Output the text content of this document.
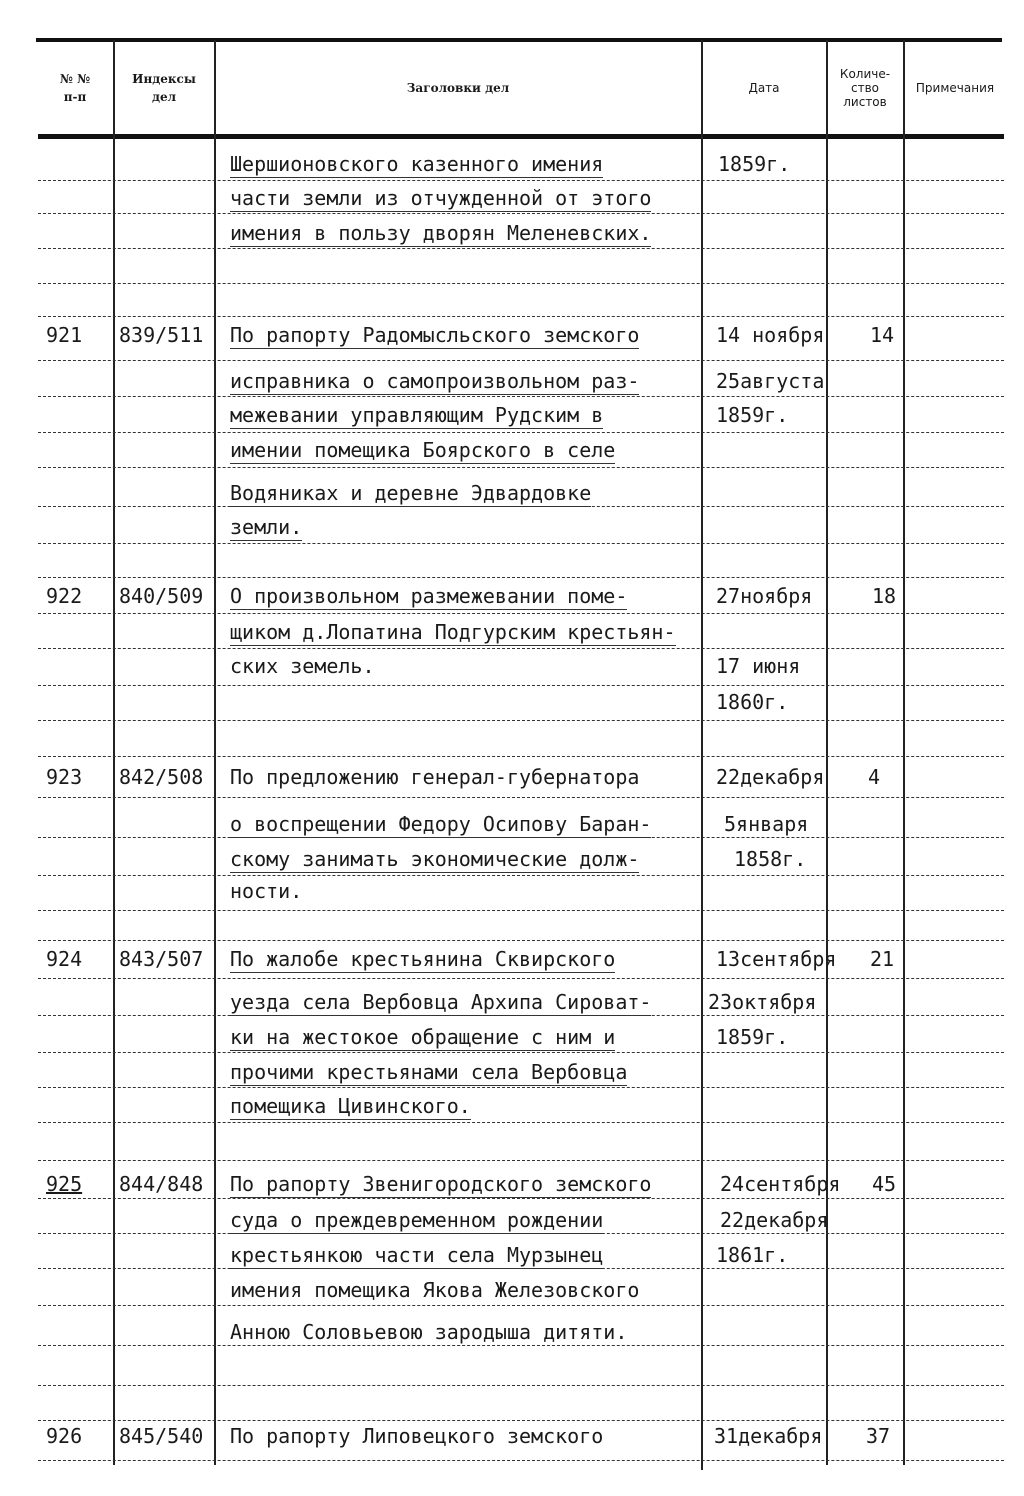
№ №
п-п
Индексы
дел
Заголовки дел	Дата
Количе-
ство
листов
Примечания
Шершионовского казенного имения
части земли из отчужденной от этого
имения в пользу дворян Меленевских.
1859г.
921 839/511 По рапорту Радомысльского земского
исправника о самопроизвольном раз-
межевании управляющим Рудским в
имении помещика Боярского в селе
Водяниках и деревне Эдвардовке
земли.
14 ноября
25августа
1859г.
14
922 840/509 О произвольном размежевании поме-
щиком д.Лопатина Подгурским крестьян-
ских земель.
27ноября
17 июня
1860г.
18
923 842/508 По предложению генерал-губернатора
о воспрещении Федору Осипову Баран-
скому занимать экономические долж-
ности.
22декабря
5января
1858г.
4
924 843/507 По жалобе крестьянина Сквирского
уезда села Вербовца Архипа Сироват-
ки на жестокое обращение с ним и
прочими крестьянами села Вербовца
помещика Цивинского.
13сентября
23октября
1859г.
21
925 844/848 По рапорту Звенигородского земского
суда о преждевременном рождении
крестьянкою части села Мурзынец
имения помещика Якова Железовского
Анною Соловьевою зародыша дитяти.
24сентября
22декабря
1861г.
45
926 845/540 По рапорту Липовецкого земского	31декабря 37
